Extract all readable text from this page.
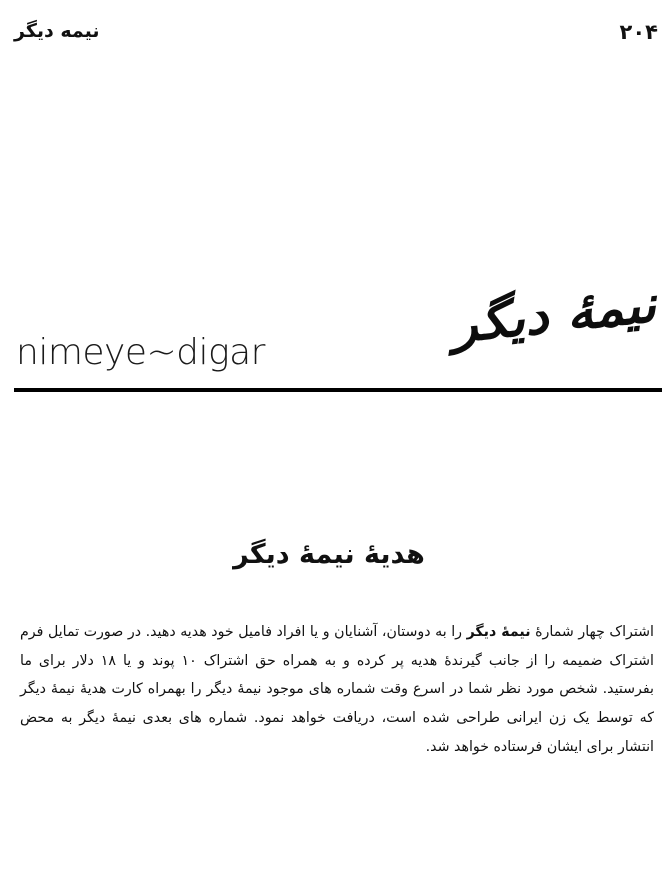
نیمه دیگر	۲۰۴
nimeye~digar	نیمهٔ دیگر
هدیهٔ نیمهٔ دیگر

اشتراک چهار شمارهٔ نیمهٔ دیگر را به دوستان، آشنایان و یا افراد فامیل خود هدیه دهید. در صورت تمایل فرم اشتراک ضمیمه را از جانب گیرندهٔ هدیه پر کرده و به همراه حق اشتراک ۱۰ پوند و یا ۱۸ دلار برای ما بفرستید. شخص مورد نظر شما در اسرع وقت شماره های موجود نیمهٔ دیگر را بهمراه کارت هدیهٔ نیمهٔ دیگر که توسط یک زن ایرانی طراحی شده است، دریافت خواهد نمود. شماره های بعدی نیمهٔ دیگر به محض انتشار برای ایشان فرستاده خواهد شد.
